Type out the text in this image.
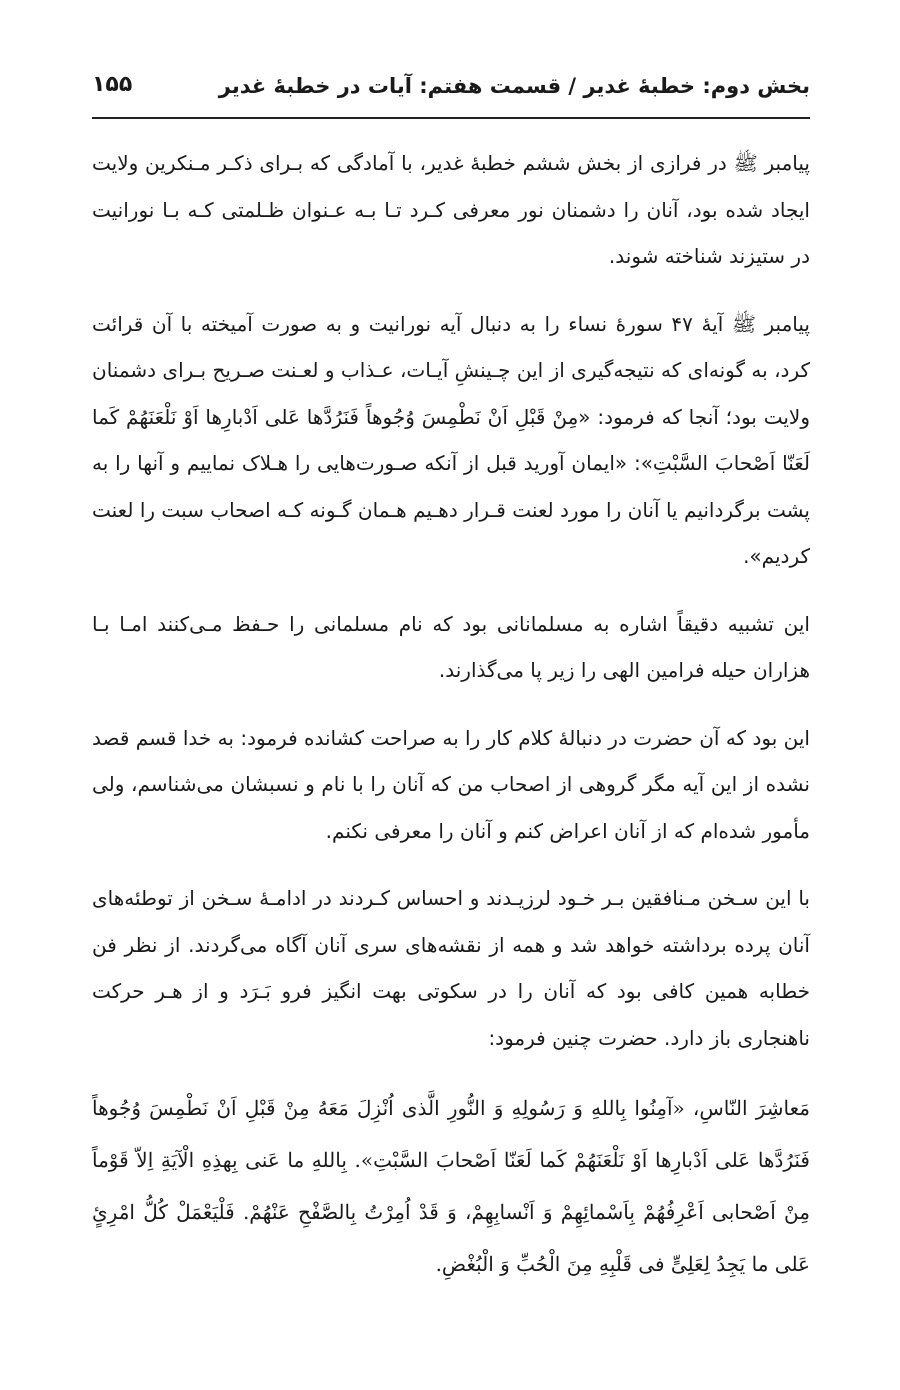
بخش دوم: خطبهٔ غدیر / قسمت هفتم: آیات در خطبهٔ غدیر
۱۵۵

پیامبر ﷺ در فرازی از بخش ششم خطبهٔ غدیر، با آمادگی که بـرای ذکـر مـنکرین ولایت ایجاد شده بود، آنان را دشمنان نور معرفی کـرد تـا بـه عـنوان ظـلمتی کـه بـا نورانیت در ستیزند شناخته شوند.

پیامبر ﷺ آیهٔ ۴۷ سورهٔ نساء را به دنبال آیه نورانیت و به صورت آمیخته با آن قرائت کرد، به گونه‌ای که نتیجه‌گیری از این چـینشِ آیـات، عـذاب و لعـنت صـریح بـرای دشمنان ولایت بود؛ آنجا که فرمود: «مِنْ قَبْلِ اَنْ نَطْمِسَ وُجُوهاً فَنَرُدَّها عَلی اَدْبارِها اَوْ نَلْعَنَهُمْ کَما لَعَنّا اَصْحابَ السَّبْتِ»: «ایمان آورید قبل از آنکه صـورت‌هایی را هـلاک نماییم و آنها را به پشت برگردانیم یا آنان را مورد لعنت قـرار دهـیم هـمان گـونه کـه اصحاب سبت را لعنت کردیم».

این تشبیه دقیقاً اشاره به مسلمانانی بود که نام مسلمانی را حـفظ مـی‌کنند امـا بـا هزاران حیله فرامین الهی را زیر پا می‌گذارند.

این بود که آن حضرت در دنبالهٔ کلام کار را به صراحت کشانده فرمود: به خدا قسم قصد نشده از این آیه مگر گروهی از اصحاب من که آنان را با نام و نسبشان می‌شناسم، ولی مأمور شده‌ام که از آنان اعراض کنم و آنان را معرفی نکنم.

با این سـخن مـنافقین بـر خـود لرزیـدند و احساس کـردند در ادامـهٔ سـخن از توطئه‌های آنان پرده برداشته خواهد شد و همه از نقشه‌های سری آنان آگاه می‌گردند. از نظر فن خطابه همین کافی بود که آنان را در سکوتی بهت انگیز فرو بَـرَد و از هـر حرکت ناهنجاری باز دارد. حضرت چنین فرمود:

مَعاشِرَ النّاسِ، «آمِنُوا بِاللهِ وَ رَسُولِهِ وَ النُّورِ الَّذی اُنْزِلَ مَعَهُ مِنْ قَبْلِ اَنْ نَطْمِسَ وُجُوهاً فَنَرُدَّها عَلی اَدْبارِها اَوْ نَلْعَنَهُمْ کَما لَعَنّا اَصْحابَ السَّبْتِ». بِاللهِ ما عَنی بِهذِهِ الْآیَةِ اِلاّ قَوْماً مِنْ اَصْحابی اَعْرِفُهُمْ بِاَسْمائِهِمْ وَ اَنْسابِهِمْ، وَ قَدْ اُمِرْتُ بِالصَّفْحِ عَنْهُمْ. فَلْیَعْمَلْ کُلُّ امْرِئٍ عَلی ما یَجِدُ لِعَلِیٍّ فی قَلْبِهِ مِنَ الْحُبِّ وَ الْبُغْضِ.
